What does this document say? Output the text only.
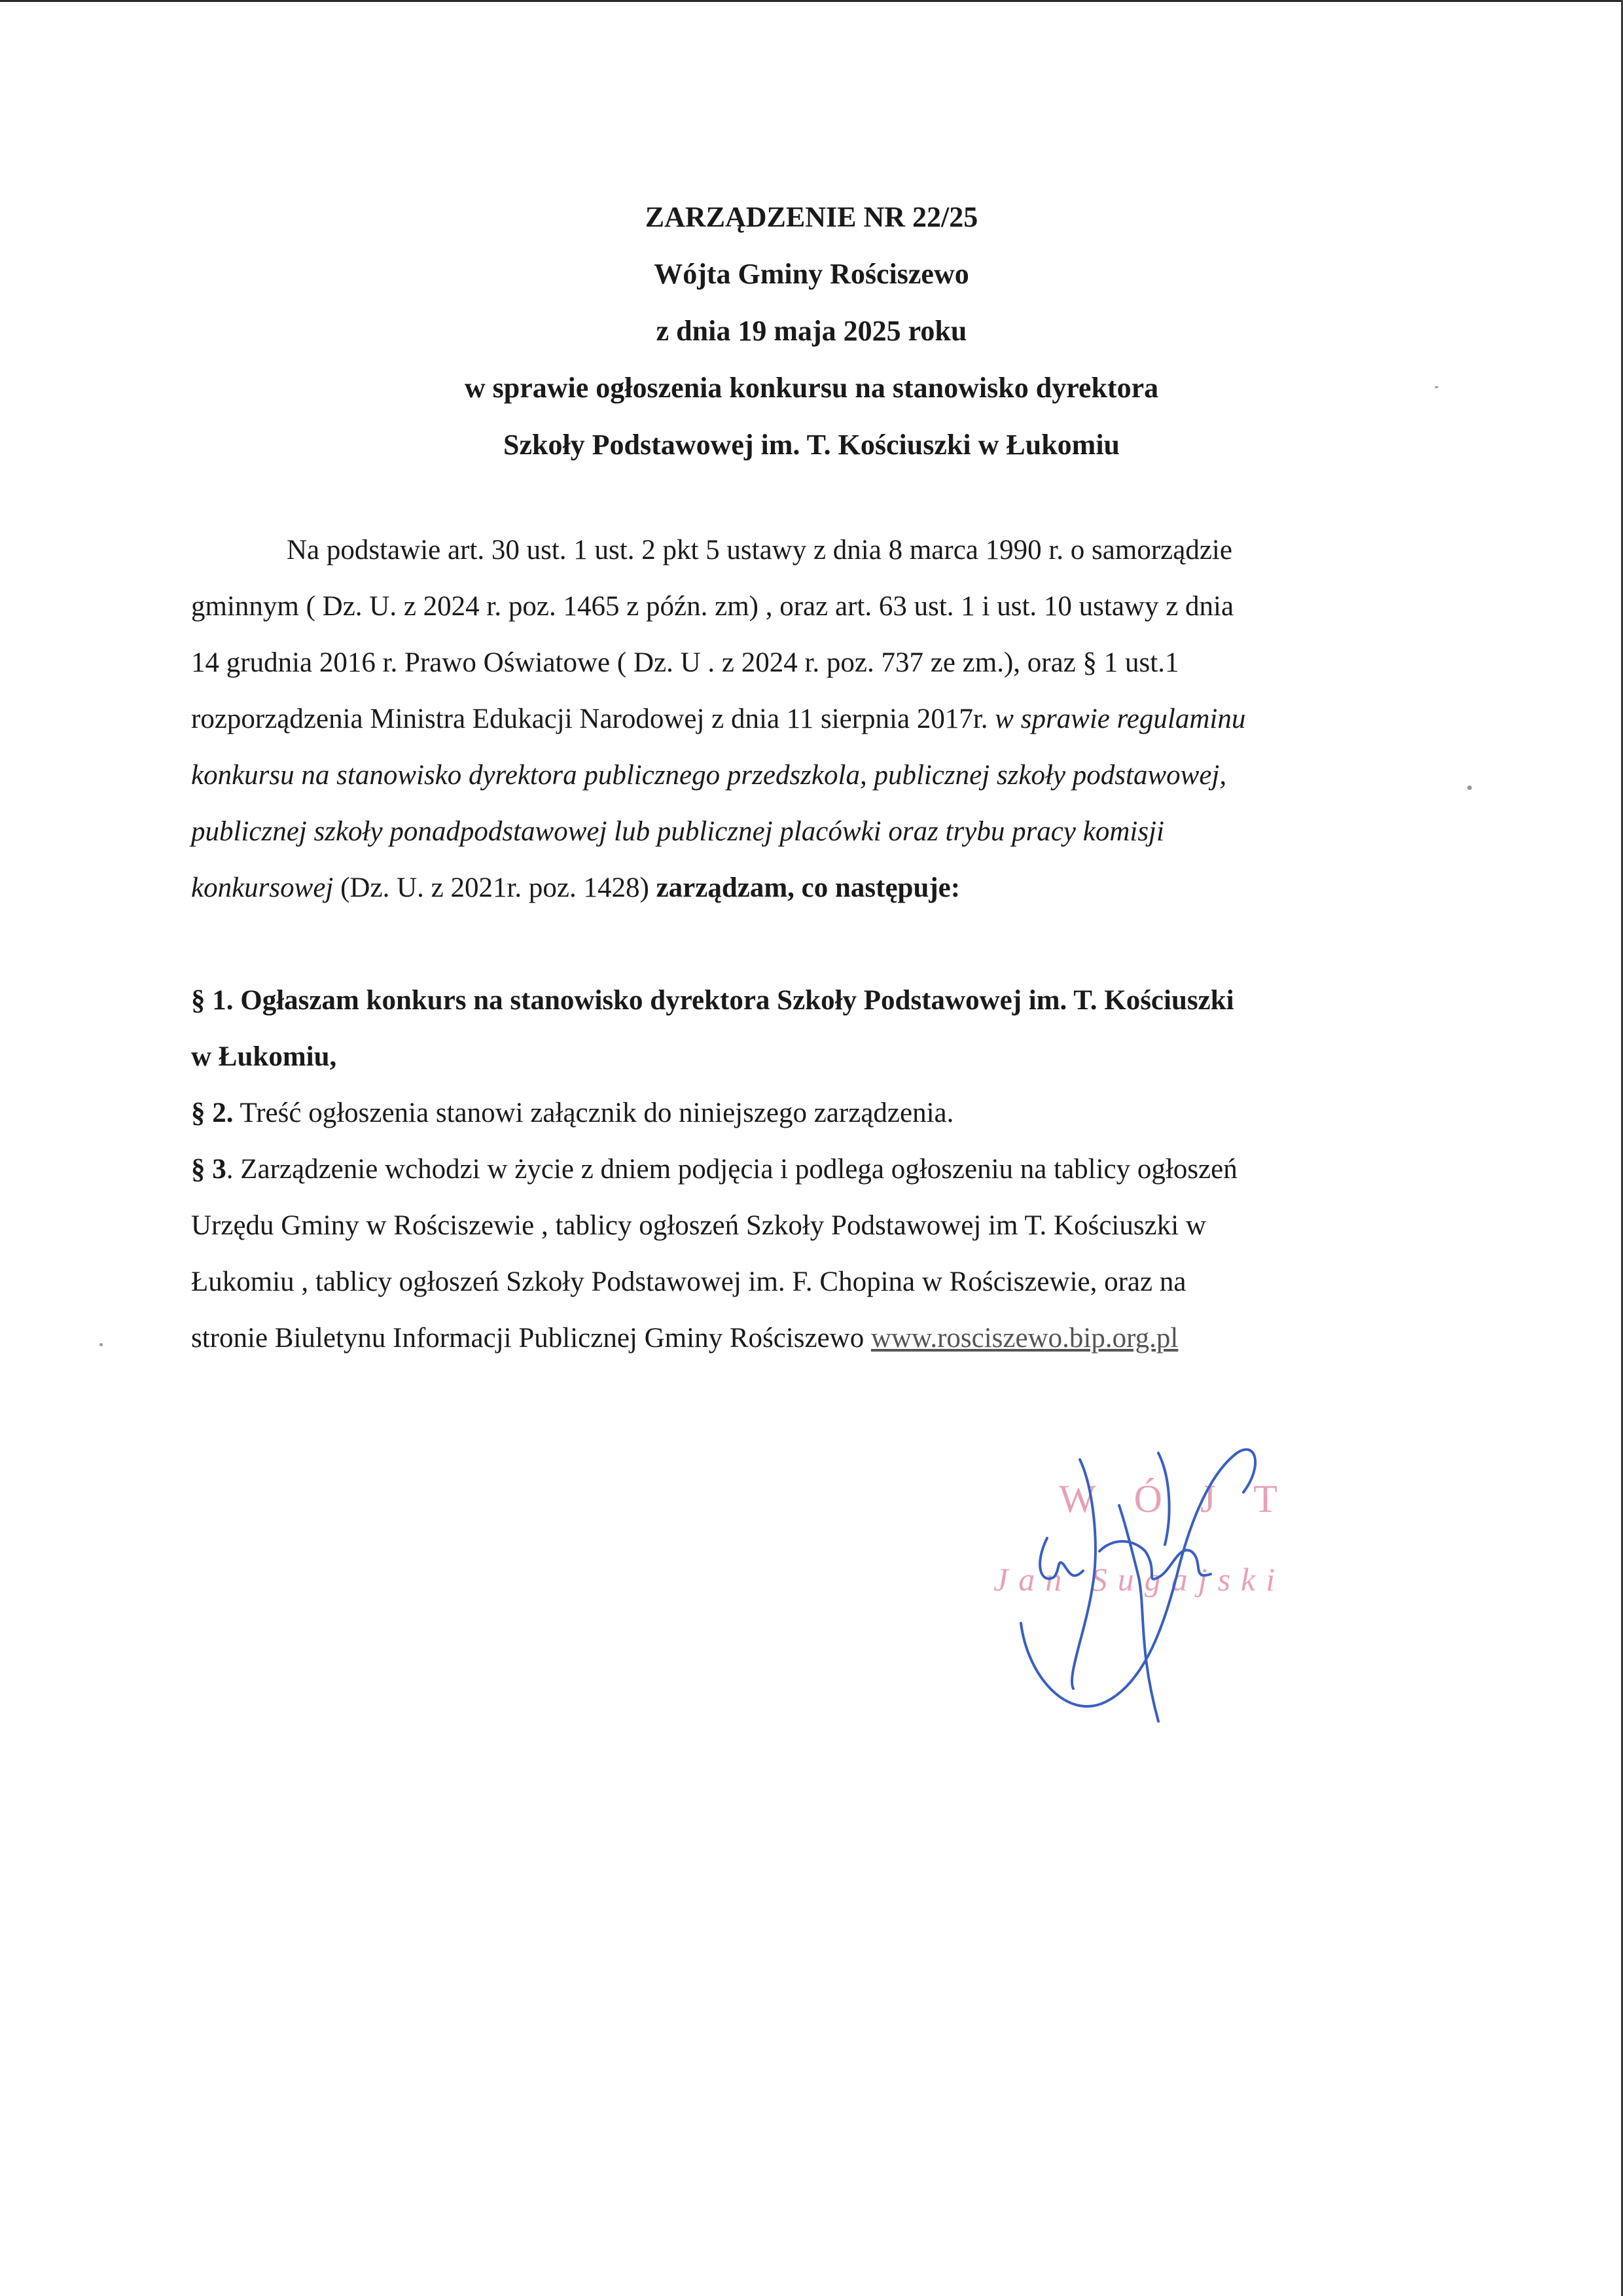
ZARZĄDZENIE NR 22/25
Wójta Gminy Rościszewo
z dnia 19 maja 2025 roku
w sprawie ogłoszenia konkursu na stanowisko dyrektora
Szkoły Podstawowej im. T. Kościuszki w Łukomiu

Na podstawie art. 30 ust. 1 ust. 2 pkt 5 ustawy z dnia 8 marca 1990 r. o samorządzie
gminnym ( Dz. U. z 2024 r. poz. 1465 z późn. zm) , oraz art. 63 ust. 1 i ust. 10 ustawy z dnia
14 grudnia 2016 r. Prawo Oświatowe ( Dz. U . z 2024 r. poz. 737 ze zm.), oraz § 1 ust.1
rozporządzenia Ministra Edukacji Narodowej z dnia 11 sierpnia 2017r. w sprawie regulaminu
konkursu na stanowisko dyrektora publicznego przedszkola, publicznej szkoły podstawowej,
publicznej szkoły ponadpodstawowej lub publicznej placówki oraz trybu pracy komisji
konkursowej (Dz. U. z 2021r. poz. 1428) zarządzam, co następuje:

§ 1. Ogłaszam konkurs na stanowisko dyrektora Szkoły Podstawowej im. T. Kościuszki
w Łukomiu,

§ 2. Treść ogłoszenia stanowi załącznik do niniejszego zarządzenia.

§ 3. Zarządzenie wchodzi w życie z dniem podjęcia i podlega ogłoszeniu na tablicy ogłoszeń
Urzędu Gminy w Rościszewie , tablicy ogłoszeń Szkoły Podstawowej im T. Kościuszki w
Łukomiu , tablicy ogłoszeń Szkoły Podstawowej im. F. Chopina w Rościszewie, oraz na
stronie Biuletynu Informacji Publicznej Gminy Rościszewo www.rosciszewo.bip.org.pl

WÓJT
Jan Sugajski
